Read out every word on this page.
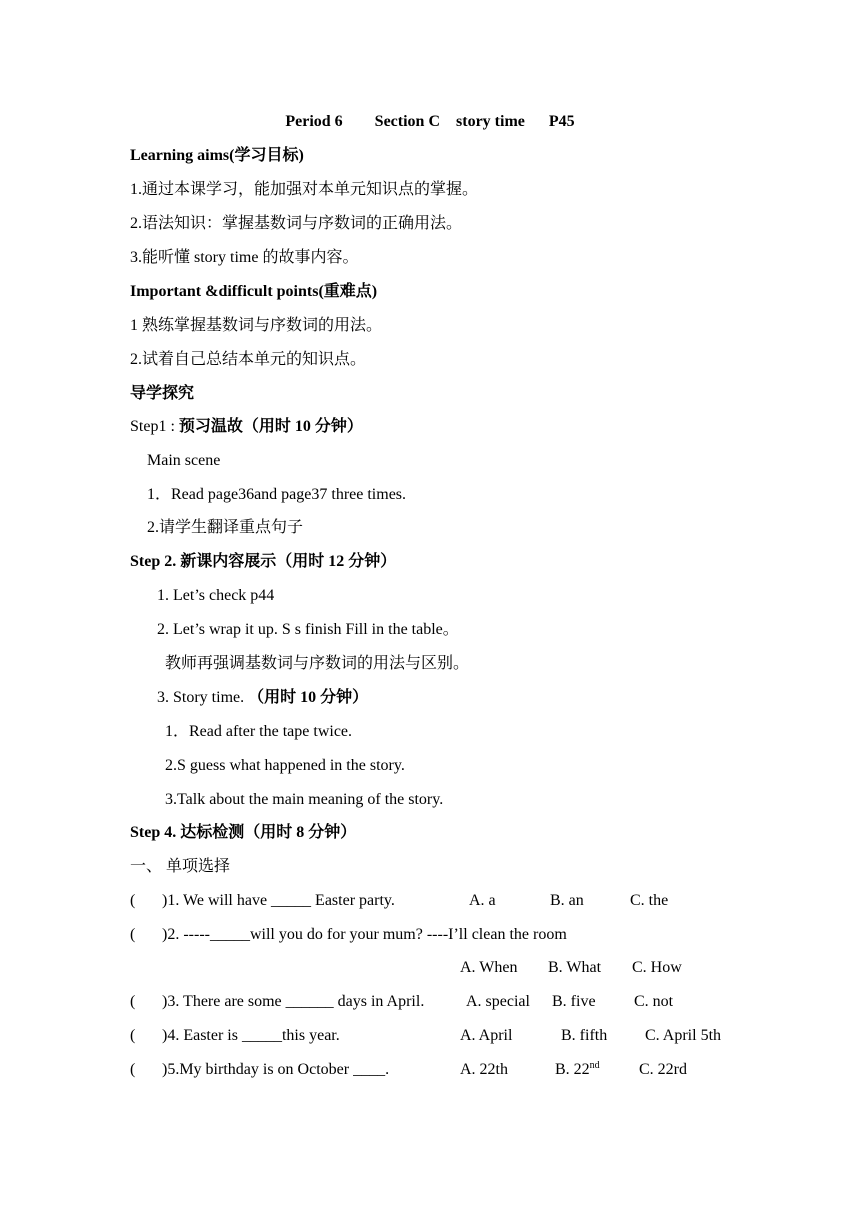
Period 6        Section C    story time      P45
Learning aims(学习目标)
1.通过本课学习，能加强对本单元知识点的掌握。
2.语法知识：掌握基数词与序数词的正确用法。
3.能听懂 story time 的故事内容。
Important &difficult points(重难点)
1 熟练掌握基数词与序数词的用法。
2.试着自己总结本单元的知识点。
导学探究
Step1 : 预习温故（用时 10 分钟）
Main scene
1．Read page36and page37 three times.
2.请学生翻译重点句子
Step 2. 新课内容展示（用时 12 分钟）
1. Let’s check p44
2. Let’s wrap it up. S s finish Fill in the table。
教师再强调基数词与序数词的用法与区别。
3. Story time. （用时 10 分钟）
1．Read after the tape twice.
2.S guess what happened in the story.
3.Talk about the main meaning of the story.
Step 4. 达标检测（用时 8 分钟）
一、 单项选择
( )1. We will have _____ Easter party.	A. a	B. an	C. the
( )2. -----_____will you do for your mum? ----I’ll clean the room
A. When B. What C. How
( )3. There are some ______ days in April.	A. special B. five C. not
( )4. Easter is _____this year.	A. April	B. fifth C. April 5th
( )5.My birthday is on October ____.	A. 22th	B. 22nd C. 22rd
